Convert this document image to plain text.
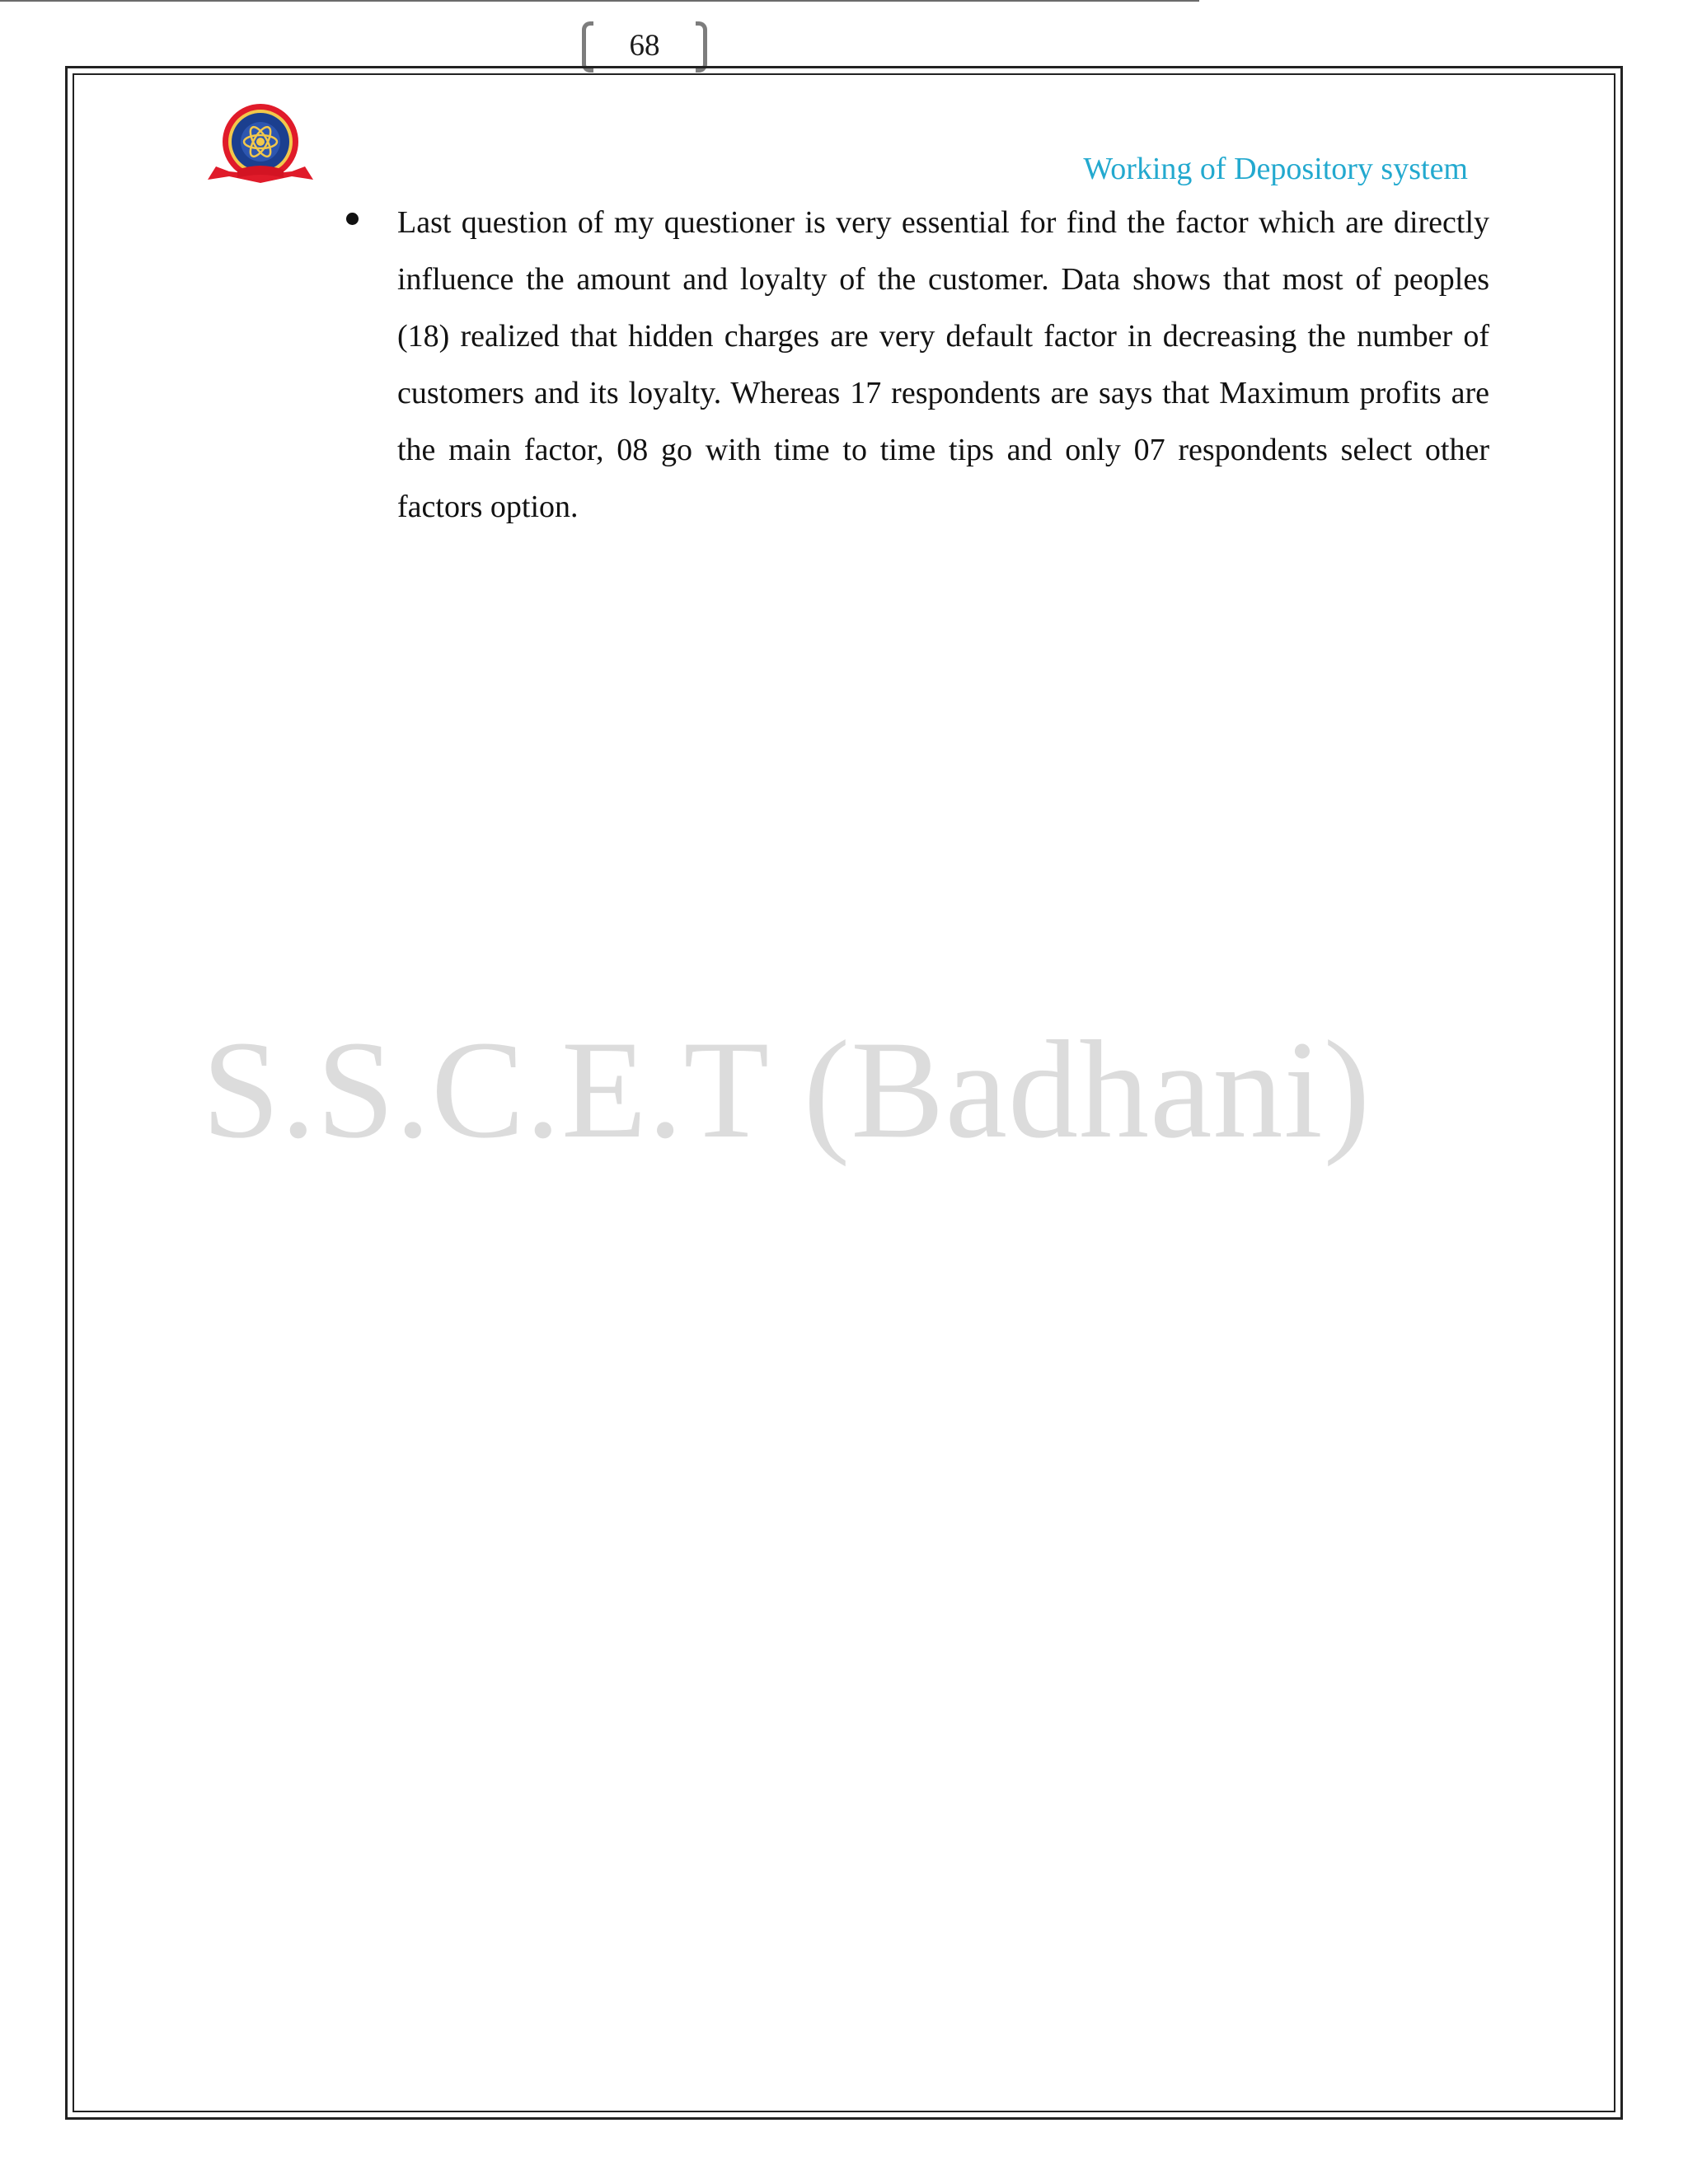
68
S.S.C.E.T (Badhani)
Working of Depository system

Last question of my questioner is very essential for find the factor which are directly influence the amount and loyalty of the customer. Data shows that most of peoples (18) realized that hidden charges are very default factor in decreasing the number of customers and its loyalty. Whereas 17 respondents are says that Maximum profits are the main factor, 08 go with time to time tips and only 07 respondents select other factors option.
